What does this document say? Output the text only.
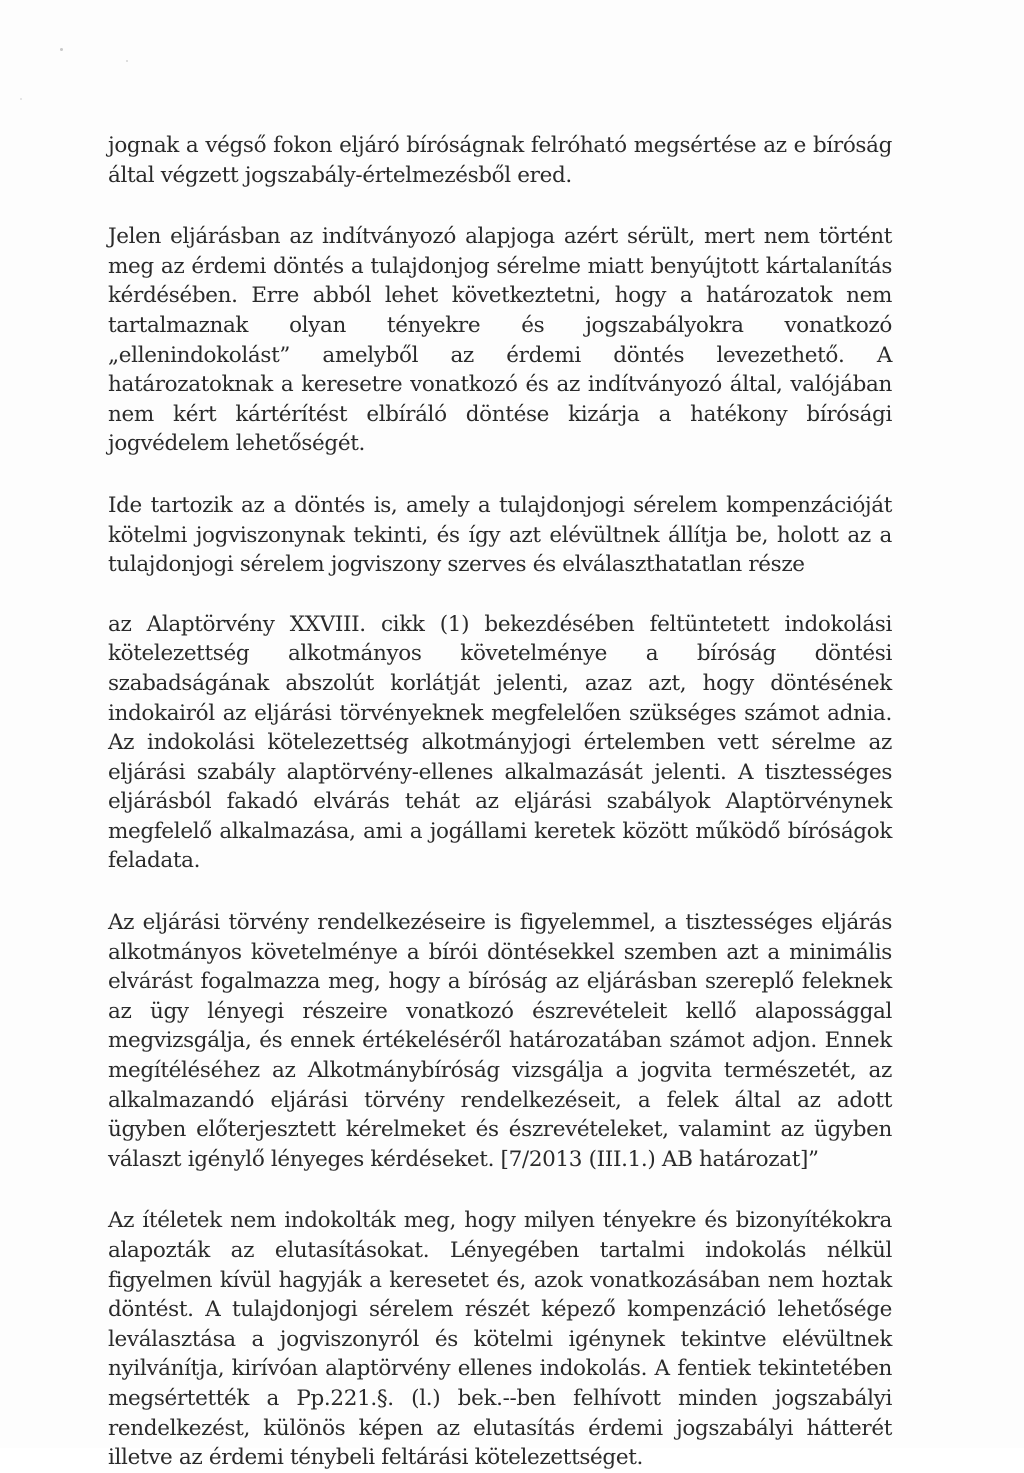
jognak a végső fokon eljáró bíróságnak felróható megsértése az e bíróság által végzett jogszabály-értelmezésből ered.

Jelen eljárásban az indítványozó alapjoga azért sérült, mert nem történt meg az érdemi döntés a tulajdonjog sérelme miatt benyújtott kártalanítás kérdésében. Erre abból lehet következtetni, hogy a határozatok nem tartalmaznak olyan tényekre és jogszabályokra vonatkozó „ellenindokolást” amelyből az érdemi döntés levezethető. A határozatoknak a keresetre vonatkozó és az indítványozó által, valójában nem kért kártérítést elbíráló döntése kizárja a hatékony bírósági jogvédelem lehetőségét.

Ide tartozik az a döntés is, amely a tulajdonjogi sérelem kompenzációját kötelmi jogviszonynak tekinti, és így azt elévültnek állítja be, holott az a tulajdonjogi sérelem jogviszony szerves és elválaszthatatlan része

az Alaptörvény XXVIII. cikk (1) bekezdésében feltüntetett indokolási kötelezettség alkotmányos követelménye a bíróság döntési szabadságának abszolút korlátját jelenti, azaz azt, hogy döntésének indokairól az eljárási törvényeknek megfelelően szükséges számot adnia. Az indokolási kötelezettség alkotmányjogi értelemben vett sérelme az eljárási szabály alaptörvény-ellenes alkalmazását jelenti. A tisztességes eljárásból fakadó elvárás tehát az eljárási szabályok Alaptörvénynek megfelelő alkalmazása, ami a jogállami keretek között működő bíróságok feladata.

Az eljárási törvény rendelkezéseire is figyelemmel, a tisztességes eljárás alkotmányos követelménye a bírói döntésekkel szemben azt a minimális elvárást fogalmazza meg, hogy a bíróság az eljárásban szereplő feleknek az ügy lényegi részeire vonatkozó észrevételeit kellő alapossággal megvizsgálja, és ennek értékeléséről határozatában számot adjon. Ennek megítéléséhez az Alkotmánybíróság vizsgálja a jogvita természetét, az alkalmazandó eljárási törvény rendelkezéseit, a felek által az adott ügyben előterjesztett kérelmeket és észrevételeket, valamint az ügyben választ igénylő lényeges kérdéseket. [7/2013 (III.1.) AB határozat]”

Az ítéletek nem indokolták meg, hogy milyen tényekre és bizonyítékokra alapozták az elutasításokat. Lényegében tartalmi indokolás nélkül figyelmen kívül hagyják a keresetet és, azok vonatkozásában nem hoztak döntést. A tulajdonjogi sérelem részét képező kompenzáció lehetősége leválasztása a jogviszonyról és kötelmi igénynek tekintve elévültnek nyilvánítja, kirívóan alaptörvény ellenes indokolás. A fentiek tekintetében megsértették a Pp.221.§. (l.) bek.--ben felhívott minden jogszabályi rendelkezést, különös képen az elutasítás érdemi jogszabályi hátterét illetve az érdemi ténybeli feltárási kötelezettséget.
